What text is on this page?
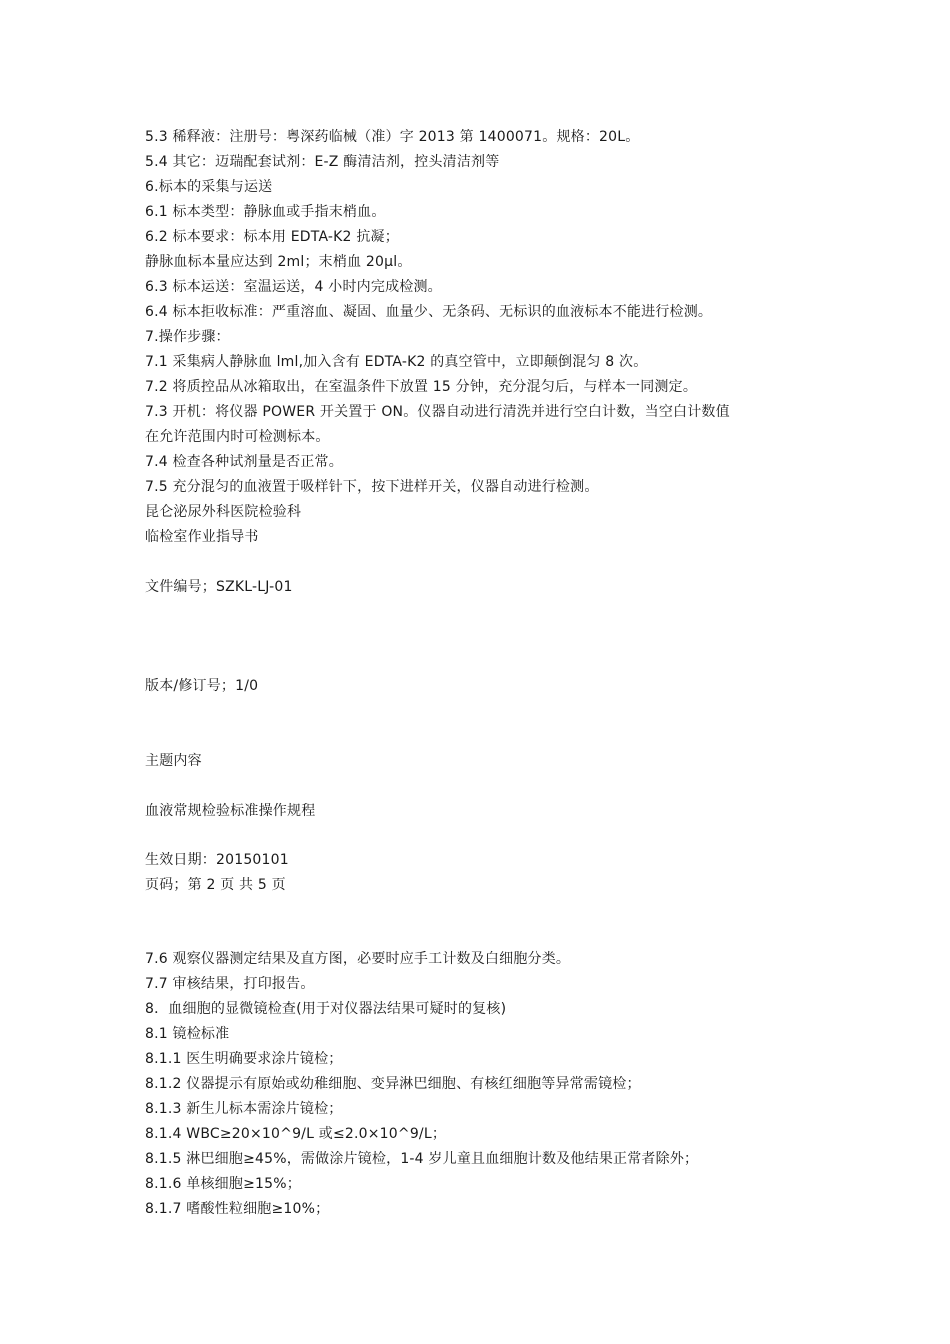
5.3 稀释液：注册号：粤深药临械（准）字 2013 第 1400071。规格：20L。
5.4 其它：迈瑞配套试剂：E-Z 酶清洁剂，控头清洁剂等
6.标本的采集与运送
6.1 标本类型：静脉血或手指末梢血。
6.2 标本要求：标本用 EDTA-K2 抗凝；
静脉血标本量应达到 2ml；末梢血 20μl。
6.3 标本运送：室温运送，4 小时内完成检测。
6.4 标本拒收标准：严重溶血、凝固、血量少、无条码、无标识的血液标本不能进行检测。
7.操作步骤：
7.1 采集病人静脉血 lml,加入含有 EDTA-K2 的真空管中，立即颠倒混匀 8 次。
7.2 将质控品从冰箱取出，在室温条件下放置 15 分钟，充分混匀后，与样本一同测定。
7.3 开机：将仪器 POWER 开关置于 ON。仪器自动进行清洗并进行空白计数，当空白计数值
在允许范围内时可检测标本。
7.4 检查各种试剂量是否正常。
7.5 充分混匀的血液置于吸样针下，按下进样开关，仪器自动进行检测。
昆仑泌尿外科医院检验科
临检室作业指导书
文件编号；SZKL-LJ-01
版本/修订号；1/0
主题内容
血液常规检验标准操作规程
生效日期：20150101
页码；第 2 页 共 5 页
7.6 观察仪器测定结果及直方图，必要时应手工计数及白细胞分类。
7.7 审核结果，打印报告。
8．血细胞的显微镜检查(用于对仪器法结果可疑时的复核)
8.1 镜检标准
8.1.1 医生明确要求涂片镜检；
8.1.2 仪器提示有原始或幼稚细胞、变异淋巴细胞、有核红细胞等异常需镜检；
8.1.3 新生儿标本需涂片镜检；
8.1.4 WBC≥20×10^9/L 或≤2.0×10^9/L；
8.1.5 淋巴细胞≥45%，需做涂片镜检，1-4 岁儿童且血细胞计数及他结果正常者除外；
8.1.6 单核细胞≥15%；
8.1.7 嗜酸性粒细胞≥10%；
